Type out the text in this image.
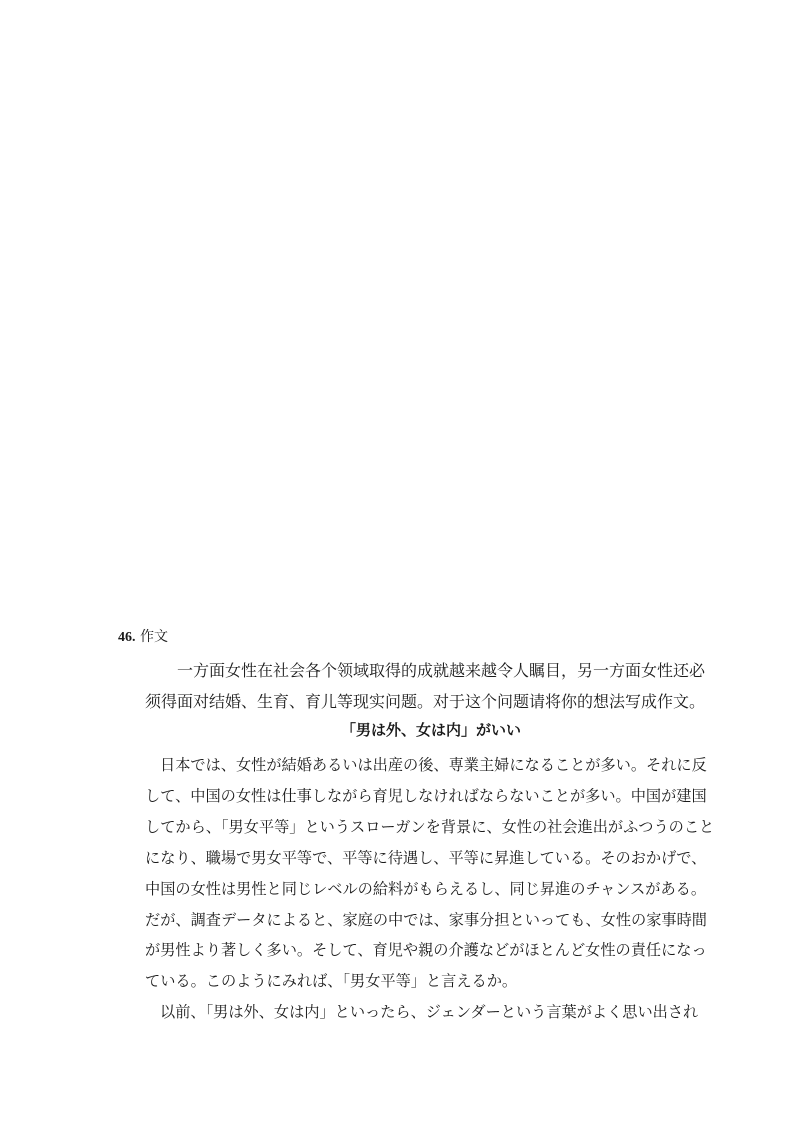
46. 作文

一方面女性在社会各个领域取得的成就越来越令人瞩目，另一方面女性还必须得面对结婚、生育、育儿等现实问题。对于这个问题请将你的想法写成作文。

「男は外、女は内」がいい

日本では、女性が結婚あるいは出産の後、専業主婦になることが多い。それに反して、中国の女性は仕事しながら育児しなければならないことが多い。中国が建国してから、「男女平等」というスローガンを背景に、女性の社会進出がふつうのことになり、職場で男女平等で、平等に待遇し、平等に昇進している。そのおかげで、中国の女性は男性と同じレベルの給料がもらえるし、同じ昇進のチャンスがある。だが、調査データによると、家庭の中では、家事分担といっても、女性の家事時間が男性より著しく多い。そして、育児や親の介護などがほとんど女性の責任になっている。このようにみれば、「男女平等」と言えるか。

以前、「男は外、女は内」といったら、ジェンダーという言葉がよく思い出され
